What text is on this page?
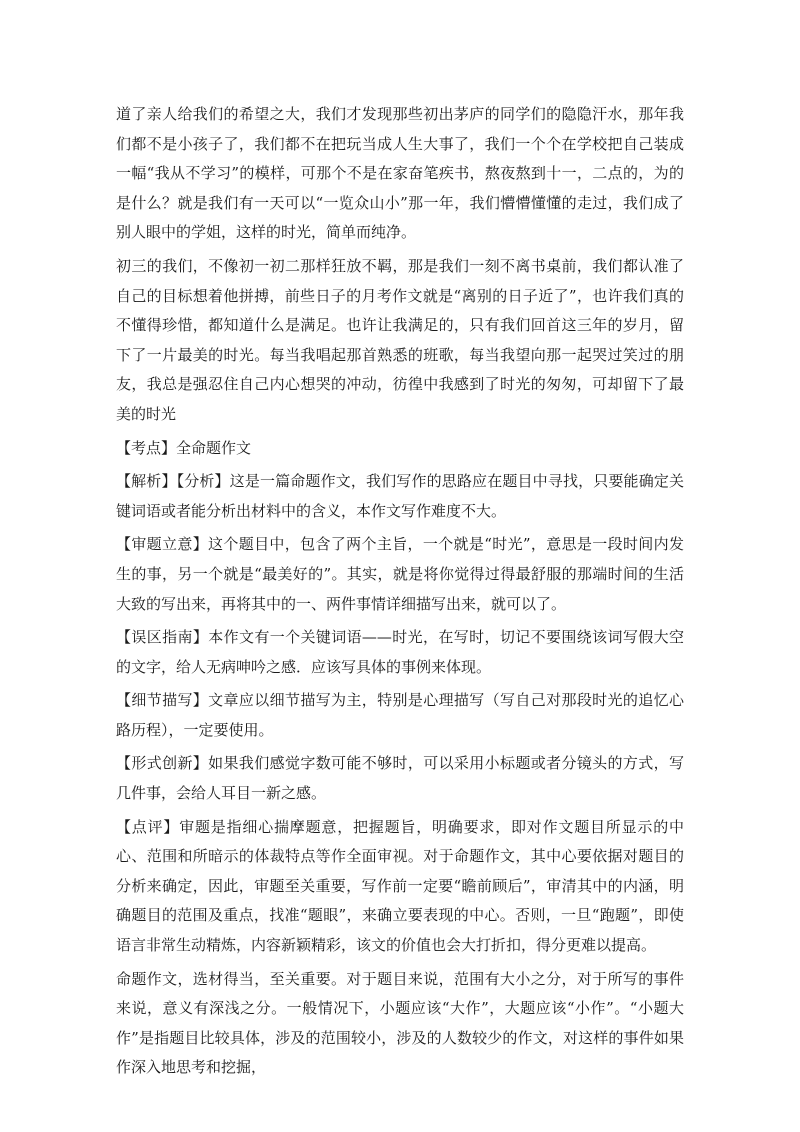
道了亲人给我们的希望之大，我们才发现那些初出茅庐的同学们的隐隐汗水，那年我们都不是小孩子了，我们都不在把玩当成人生大事了，我们一个个在学校把自己装成一幅“我从不学习”的模样，可那个不是在家奋笔疾书，熬夜熬到十一，二点的，为的是什么？就是我们有一天可以“一览众山小”那一年，我们懵懵懂懂的走过，我们成了别人眼中的学姐，这样的时光，简单而纯净。

初三的我们，不像初一初二那样狂放不羁，那是我们一刻不离书桌前，我们都认准了自己的目标想着他拼搏，前些日子的月考作文就是“离别的日子近了”，也许我们真的不懂得珍惜，都知道什么是满足。也许让我满足的，只有我们回首这三年的岁月，留下了一片最美的时光。每当我唱起那首熟悉的班歌，每当我望向那一起哭过笑过的朋友，我总是强忍住自己内心想哭的冲动，彷徨中我感到了时光的匆匆，可却留下了最美的时光

【考点】全命题作文

【解析】【分析】这是一篇命题作文，我们写作的思路应在题目中寻找，只要能确定关键词语或者能分析出材料中的含义，本作文写作难度不大。

【审题立意】这个题目中，包含了两个主旨，一个就是“时光”，意思是一段时间内发生的事，另一个就是“最美好的”。其实，就是将你觉得过得最舒服的那端时间的生活大致的写出来，再将其中的一、两件事情详细描写出来，就可以了。

【误区指南】本作文有一个关键词语——时光，在写时，切记不要围绕该词写假大空的文字，给人无病呻吟之感．应该写具体的事例来体现。

【细节描写】文章应以细节描写为主，特别是心理描写（写自己对那段时光的追忆心路历程），一定要使用。

【形式创新】如果我们感觉字数可能不够时，可以采用小标题或者分镜头的方式，写几件事，会给人耳目一新之感。

【点评】审题是指细心揣摩题意，把握题旨，明确要求，即对作文题目所显示的中心、范围和所暗示的体裁特点等作全面审视。对于命题作文，其中心要依据对题目的分析来确定，因此，审题至关重要，写作前一定要“瞻前顾后”，审清其中的内涵，明确题目的范围及重点，找准“题眼”，来确立要表现的中心。否则，一旦“跑题”，即使语言非常生动精炼，内容新颖精彩，该文的价值也会大打折扣，得分更难以提高。

命题作文，选材得当，至关重要。对于题目来说，范围有大小之分，对于所写的事件来说，意义有深浅之分。一般情况下，小题应该“大作”，大题应该“小作”。“小题大作”是指题目比较具体，涉及的范围较小，涉及的人数较少的作文，对这样的事件如果作深入地思考和挖掘，
